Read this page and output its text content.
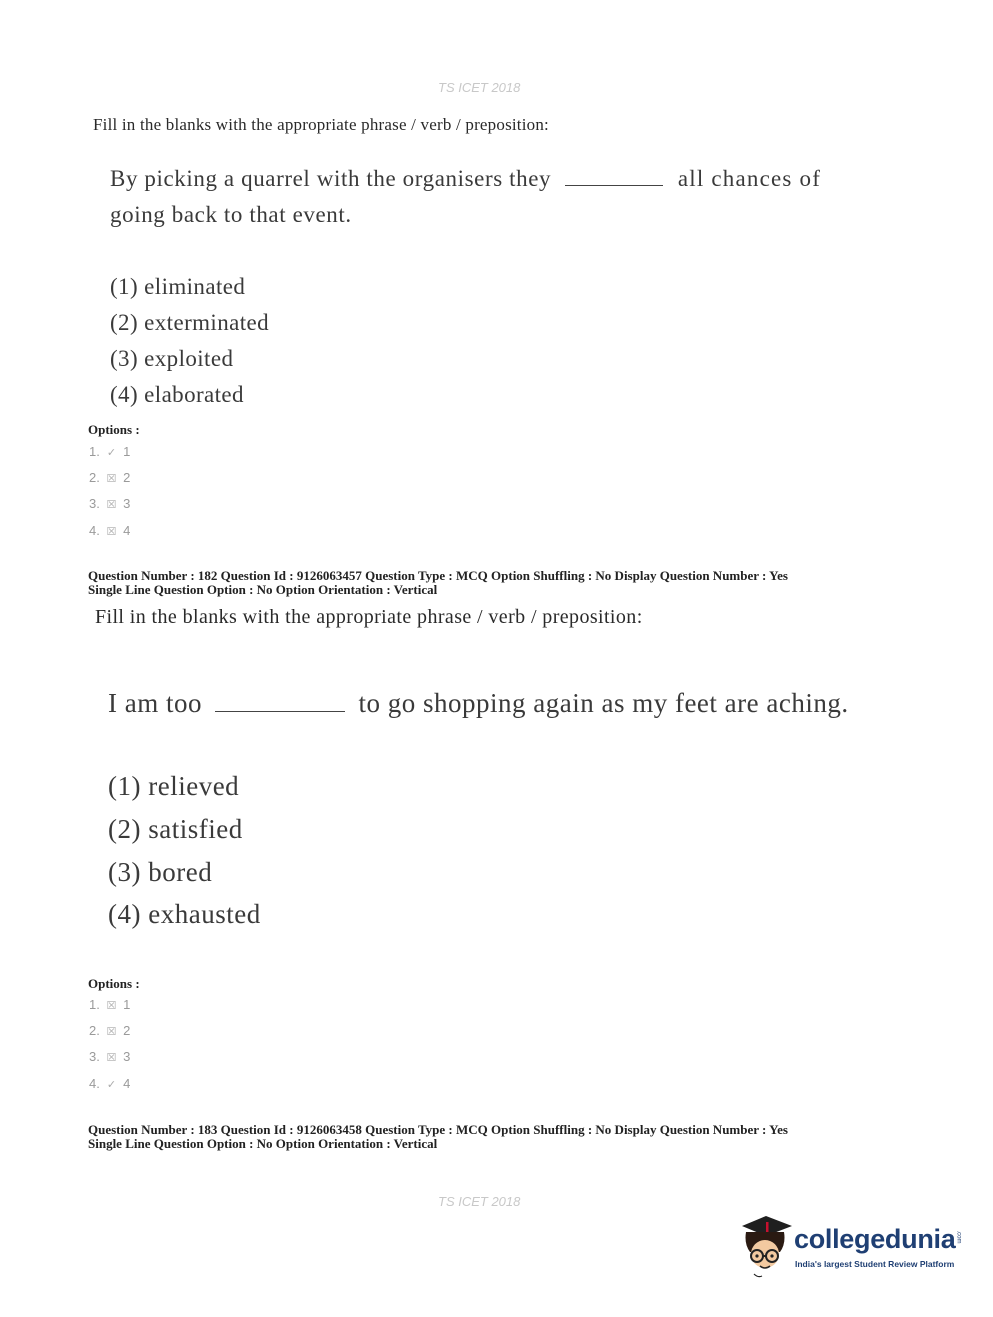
TS ICET 2018
Fill in the blanks with the appropriate phrase / verb / preposition:
By picking a quarrel with the organisers they	all chances of
going back to that event.
(1) eliminated
(2) exterminated
(3) exploited
(4) elaborated
Options :
1. ✓ 1
2. ☒ 2
3. ☒ 3
4. ☒ 4
Question Number : 182 Question Id : 9126063457 Question Type : MCQ Option Shuffling : No Display Question Number : Yes
Single Line Question Option : No Option Orientation : Vertical
Fill in the blanks with the appropriate phrase / verb / preposition:
I am too	to go shopping again as my feet are aching.
(1) relieved
(2) satisfied
(3) bored
(4) exhausted
Options :
1. ☒ 1
2. ☒ 2
3. ☒ 3
4. ✓ 4
Question Number : 183 Question Id : 9126063458 Question Type : MCQ Option Shuffling : No Display Question Number : Yes
Single Line Question Option : No Option Orientation : Vertical
TS ICET 2018
collegedunia .com
India's largest Student Review Platform
